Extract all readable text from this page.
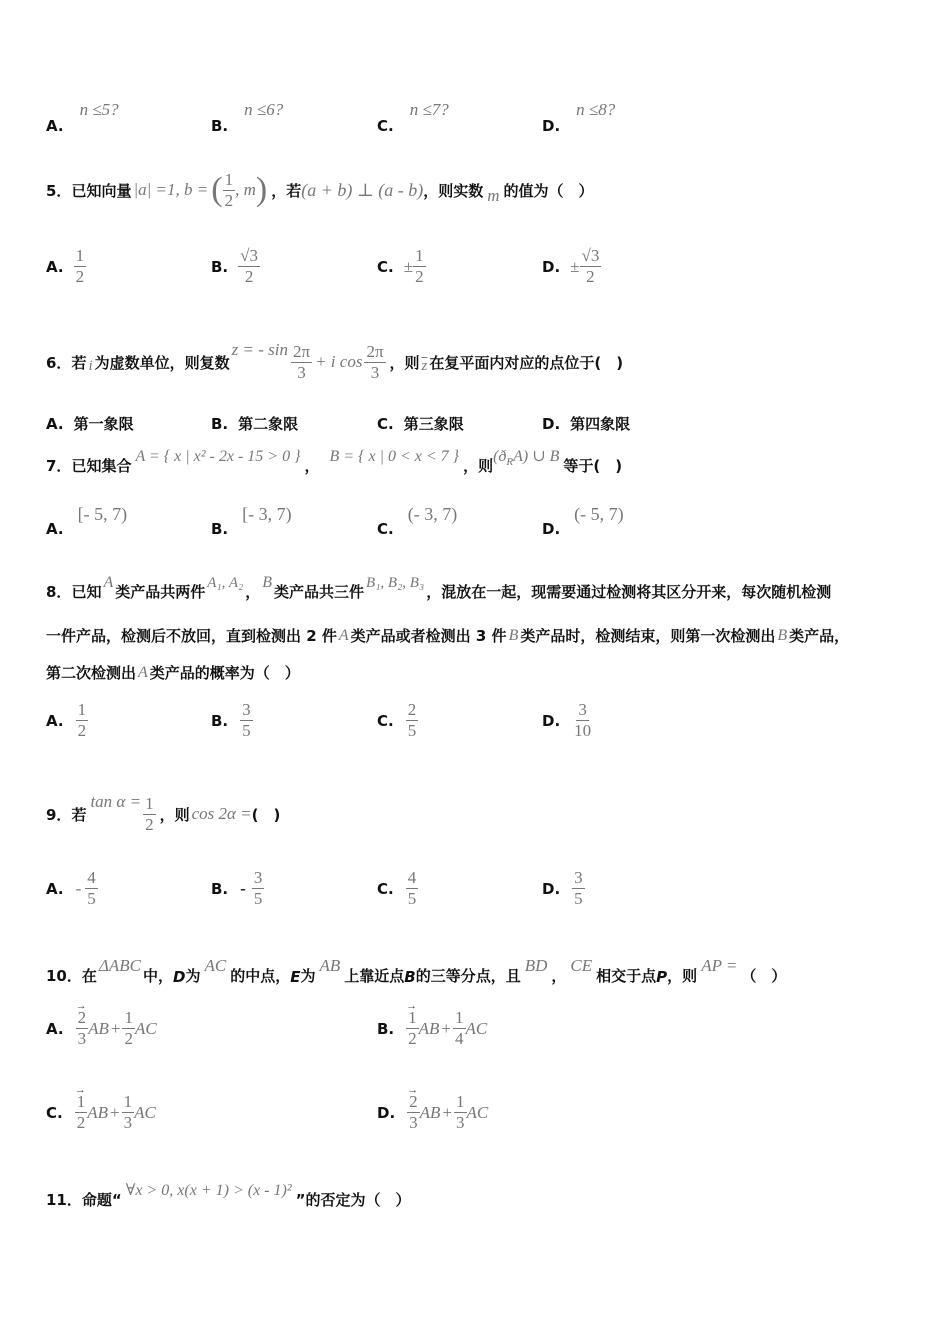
A. n ≤5?
B. n ≤6?
C. n ≤7?
D. n ≤8?
5． 已知向量 |a| =1, b = ( $\frac{1}{2}$ , m ) ，若 (a + b) ⊥ (a - b) ，则实数 m 的值为（　）
A. $\frac{1}{2}$	B. $\frac{√3}{2}$	C. ± $\frac{1}{2}$	D. ± $\frac{√3}{2}$
6． 若 i 为虚数单位，则复数
z = - $\sin \frac{2\pi}{3} + i$ $\cos \frac{2\pi}{3}$ ，则 $\overline{z}$ 在复平面内对应的点位于(　)
A. 第一象限	B. 第二象限	C. 第三象限	D. 第四象限
7． 已知集合 A = { x | x² - 2x - 15 > 0 } ， B = { x | 0 < x < 7 } ，则
$(ð_RA)$ ∪ B
等于(　)
A. [- 5, 7)
B. [- 3, 7)
C. (- 3, 7)
D. (- 5, 7)
8． 已知
A
类产品共两件 A₁, A₂ ，
B
类产品共三件 B₁, B₂, B₃ ，混放在一起，现需要通过检测将其区分开来，每次随机检测
一件产品，检测后不放回，直到检测出 2 件 A 类产品或者检测出 3 件 B 类产品时，检测结束，则第一次检测出 B 类产品，
第二次检测出 A 类产品的概率为（　）
A. $\frac{1}{2}$	B. $\frac{3}{5}$	C. $\frac{2}{5}$	D. $\frac{3}{10}$
9． 若
$\tan \alpha = \frac{1}{2}$ ，则 cos 2α = (　)
A. - $\frac{4}{5}$	B. - $\frac{3}{5}$	C. $\frac{4}{5}$	D. $\frac{3}{5}$
10． 在
ΔABC
中， D 为
AC
的中点， E 为
AB
上靠近点 B 的三等分点，且
BD
，
CE
相交于点 P ，则
AP =
（　）
A. → $\frac{2}{3}$ AB + $\frac{1}{2}$ AC	B. → $\frac{1}{2}$ AB + $\frac{1}{4}$ AC
C. → $\frac{1}{2}$ AB + $\frac{1}{3}$ AC	D. → $\frac{2}{3}$ AB + $\frac{1}{3}$ AC
11． 命题“
∀x > 0, x(x + 1) > (x - 1)²
”的否定为（　）
